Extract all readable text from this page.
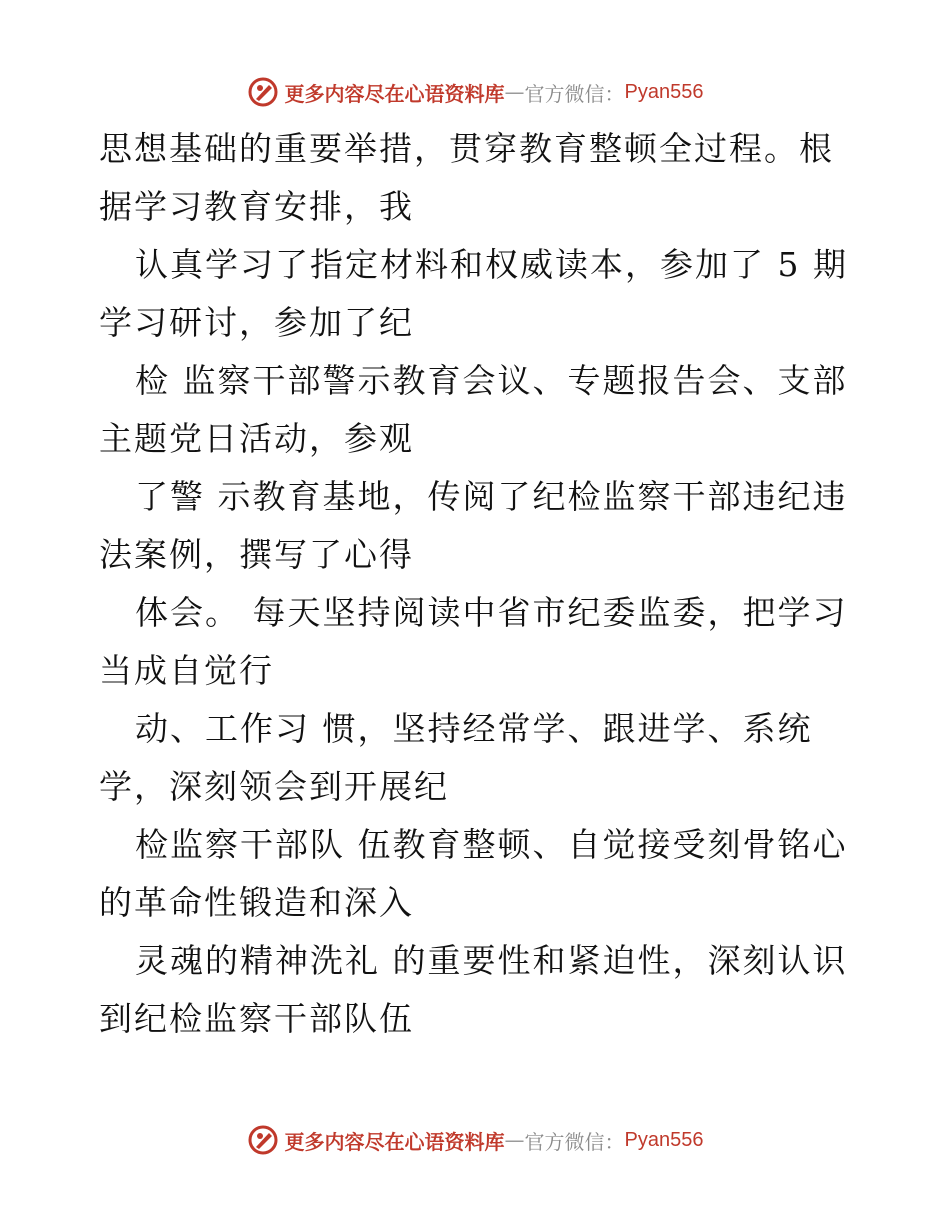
更多内容尽在心语资料库 — 官方微信： Pyan556
思想基础的重要举措，贯穿教育整顿全过程。根
据学习教育安排，我
认真学习了指定材料和权威读本，参加了 5 期
学习研讨，参加了纪
检 监察干部警示教育会议、专题报告会、支部
主题党日活动，参观
了警 示教育基地，传阅了纪检监察干部违纪违
法案例，撰写了心得
体会。 每天坚持阅读中省市纪委监委，把学习
当成自觉行
动、工作习 惯，坚持经常学、跟进学、系统
学，深刻领会到开展纪
检监察干部队 伍教育整顿、自觉接受刻骨铭心
的革命性锻造和深入
灵魂的精神洗礼 的重要性和紧迫性，深刻认识
到纪检监察干部队伍
更多内容尽在心语资料库 — 官方微信： Pyan556
